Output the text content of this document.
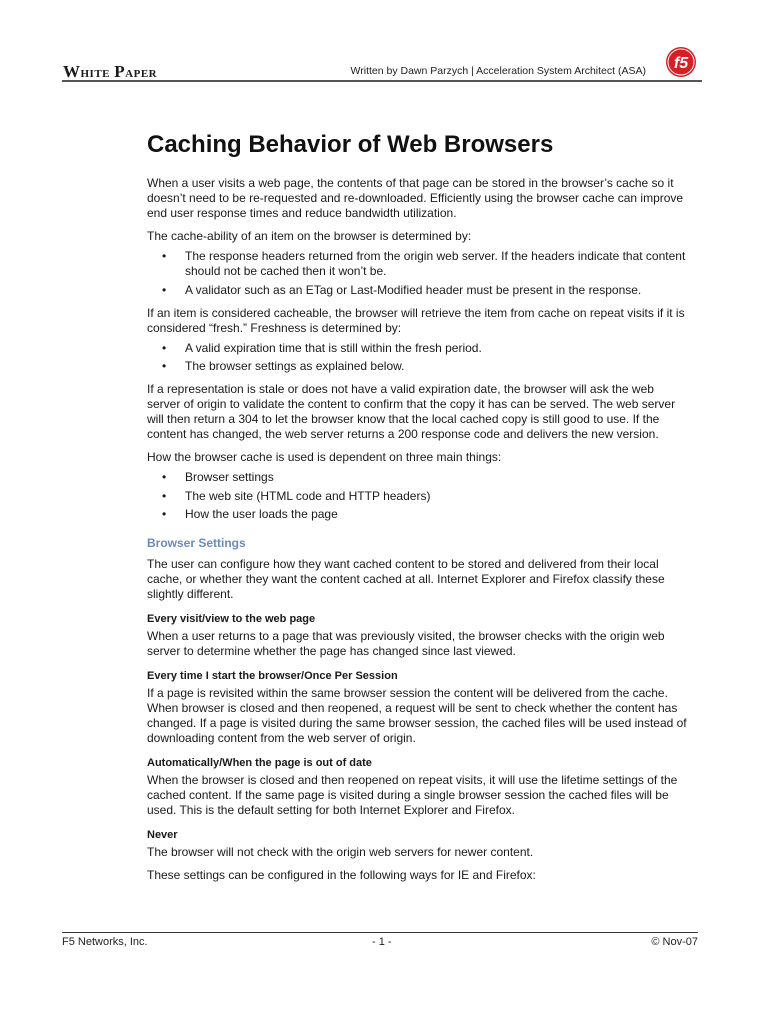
White Paper	Written by Dawn Parzych | Acceleration System Architect (ASA) f5
Caching Behavior of Web Browsers

When a user visits a web page, the contents of that page can be stored in the browser’s cache so it doesn’t need to be re-requested and re-downloaded. Efficiently using the browser cache can improve end user response times and reduce bandwidth utilization.

The cache-ability of an item on the browser is determined by:

• The response headers returned from the origin web server. If the headers indicate that content should not be cached then it won’t be.
• A validator such as an ETag or Last-Modified header must be present in the response.

If an item is considered cacheable, the browser will retrieve the item from cache on repeat visits if it is considered “fresh.” Freshness is determined by:

• A valid expiration time that is still within the fresh period.
• The browser settings as explained below.

If a representation is stale or does not have a valid expiration date, the browser will ask the web server of origin to validate the content to confirm that the copy it has can be served. The web server will then return a 304 to let the browser know that the local cached copy is still good to use. If the content has changed, the web server returns a 200 response code and delivers the new version.

How the browser cache is used is dependent on three main things:

• Browser settings
• The web site (HTML code and HTTP headers)
• How the user loads the page
Browser Settings

The user can configure how they want cached content to be stored and delivered from their local cache, or whether they want the content cached at all. Internet Explorer and Firefox classify these slightly different.

Every visit/view to the web page

When a user returns to a page that was previously visited, the browser checks with the origin web server to determine whether the page has changed since last viewed.

Every time I start the browser/Once Per Session

If a page is revisited within the same browser session the content will be delivered from the cache. When browser is closed and then reopened, a request will be sent to check whether the content has changed. If a page is visited during the same browser session, the cached files will be used instead of downloading content from the web server of origin.

Automatically/When the page is out of date

When the browser is closed and then reopened on repeat visits, it will use the lifetime settings of the cached content. If the same page is visited during a single browser session the cached files will be used. This is the default setting for both Internet Explorer and Firefox.

Never

The browser will not check with the origin web servers for newer content.

These settings can be configured in the following ways for IE and Firefox:

F5 Networks, Inc.	- 1 -	© Nov-07
